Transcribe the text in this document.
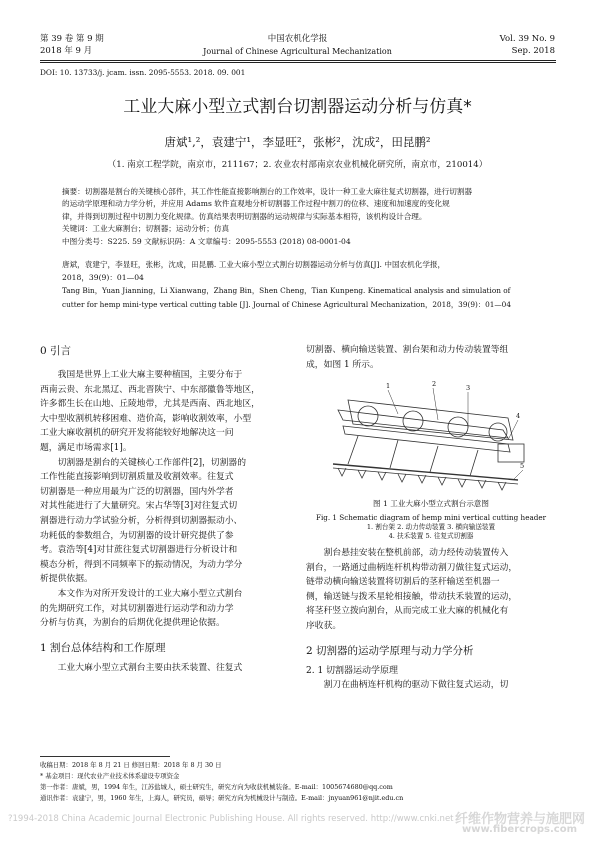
第 39 卷 第 9 期
2018 年 9 月
中国农机化学报
Journal of Chinese Agricultural Mechanization
Vol. 39 No. 9
Sep. 2018
DOI: 10. 13733/j. jcam. issn. 2095-5553. 2018. 09. 001
工业大麻小型立式割台切割器运动分析与仿真*
唐斌¹,²，袁建宁¹，李显旺²，张彬²，沈成²，田昆鹏²
（1. 南京工程学院，南京市，211167；2. 农业农村部南京农业机械化研究所，南京市，210014）
摘要：切割器是割台的关键核心部件，其工作性能直接影响割台的工作效率，设计一种工业大麻往复式切割器，进行切割器
的运动学原理和动力学分析，并应用 Adams 软件直观地分析切割器工作过程中割刀的位移、速度和加速度的变化规
律，并得到切割过程中切割力变化规律。仿真结果表明切割器的运动规律与实际基本相符，该机构设计合理。
关键词：工业大麻割台；切割器；运动分析；仿真
中图分类号：S225. 59 文献标识码：A 文章编号：2095-5553 (2018) 08-0001-04
唐斌，袁建宁，李显旺，张彬，沈成，田昆鹏. 工业大麻小型立式割台切割器运动分析与仿真[J]. 中国农机化学报，
2018，39(9)：01—04
Tang Bin，Yuan Jianning，Li Xianwang，Zhang Bin，Shen Cheng，Tian Kunpeng. Kinematical analysis and simulation of
cutter for hemp mini-type vertical cutting table [J]. Journal of Chinese Agricultural Mechanization，2018，39(9)：01—04
0 引言
我国是世界上工业大麻主要种植国，主要分布于
西南云贵、东北黑辽、西北晋陕宁、中东部徽鲁等地区，
许多都生长在山地、丘陵地带，尤其是西南、西北地区，
大中型收割机转移困难、造价高，影响收割效率，小型
工业大麻收割机的研究开发将能较好地解决这一问
题，满足市场需求[1]。
切割器是割台的关键核心工作部件[2]，切割器的
工作性能直接影响到切割质量及收割效率。往复式
切割器是一种应用最为广泛的切割器，国内外学者
对其性能进行了大量研究。宋占华等[3]对往复式切
割器进行动力学试验分析，分析得到切割器振动小、
功耗低的参数组合，为切割器的设计研究提供了参
考。袁浩等[4]对甘蔗往复式切割器进行分析设计和
模态分析，得到不同频率下的振动情况，为动力学分
析提供依据。
本文作为对所开发设计的工业大麻小型立式割台
的先期研究工作，对其切割器进行运动学和动力学
分析与仿真，为割台的后期优化提供理论依据。
1 割台总体结构和工作原理
工业大麻小型立式割台主要由扶禾装置、往复式
切割器、横向输送装置、割台架和动力传动装置等组
成，如图 1 所示。
1	2	3
4
5
图 1 工业大麻小型立式割台示意图
Fig. 1 Schematic diagram of hemp mini vertical cutting header
1. 割台架 2. 动力传动装置 3. 横向输送装置
4. 扶禾装置 5. 往复式切割器
割台悬挂安装在整机前部，动力经传动装置传入
割台，一路通过曲柄连杆机构带动割刀做往复式运动，
链带动横向输送装置将切割后的茎秆输送至机器一
侧，输送链与拨禾星轮相接触，带动扶禾装置的运动，
将茎秆竖立拨向割台，从而完成工业大麻的机械化有
序收获。
2 切割器的运动学原理与动力学分析
2. 1 切割器运动学原理
割刀在曲柄连杆机构的驱动下做往复式运动，切
收稿日期：2018 年 8 月 21 日 修回日期：2018 年 8 月 30 日
* 基金项目：现代农业产业技术体系建设专项资金
第一作者：唐斌，男，1994 年生，江苏盐城人，硕士研究生，研究方向为收获机械装备。E-mail：1005674680@qq.com
通讯作者：袁建宁，男，1960 年生，上海人，研究员，硕导；研究方向为机械设计与制造。E-mail：jnyuan961@njit.edu.cn
?1994-2018 China Academic Journal Electronic Publishing House. All rights reserved. http://www.cnki.net 纤维作物营养与施肥网
www.fibercrops.com
